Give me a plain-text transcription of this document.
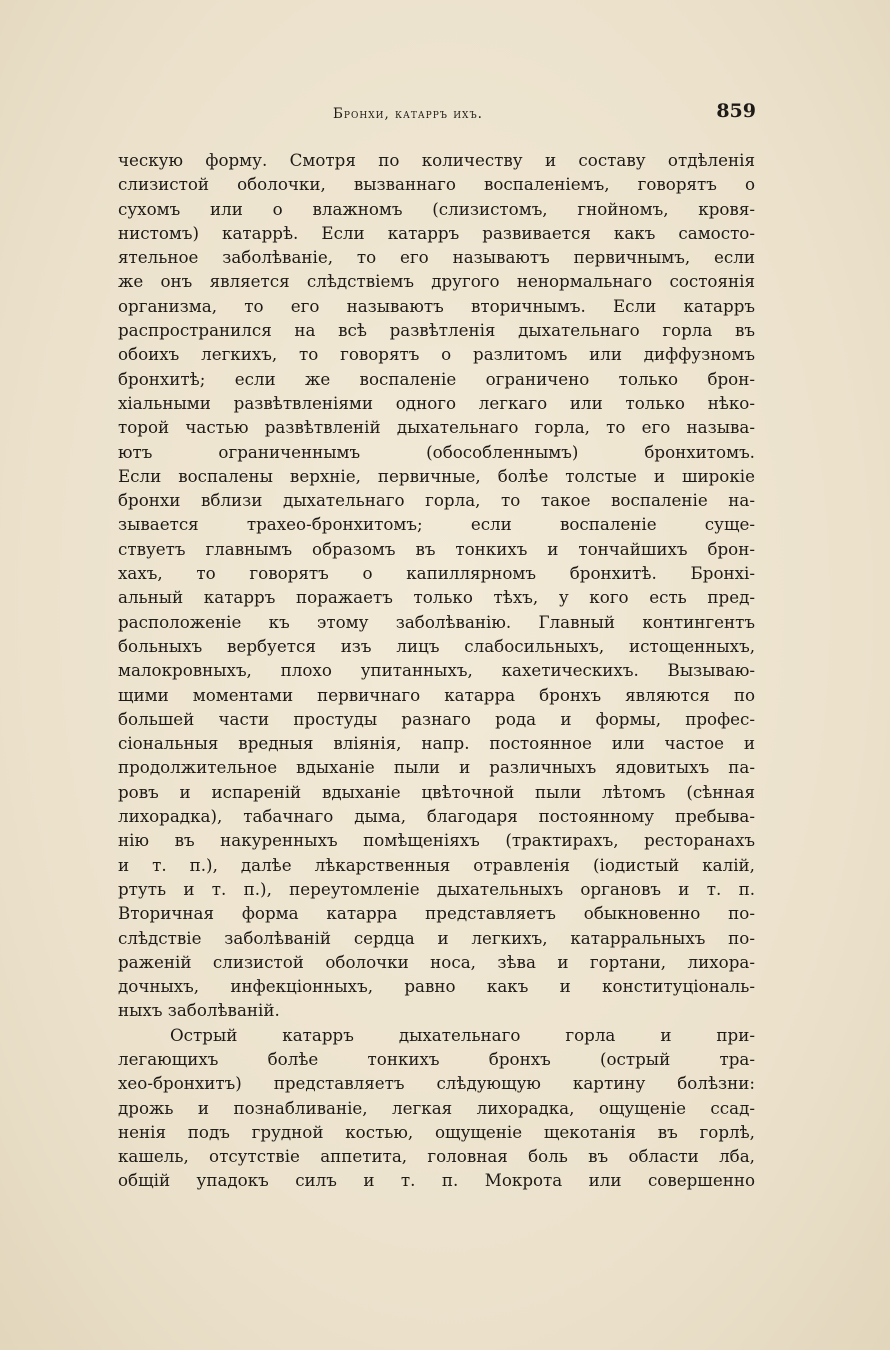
Бронхи, катарръ ихъ.	859
ческую форму. Смотря по количеству и составу отдѣленія
слизистой оболочки, вызваннаго воспаленіемъ, говорятъ о
сухомъ или о влажномъ (слизистомъ, гнойномъ, кровя-
нистомъ) катаррѣ. Если катарръ развивается какъ самосто-
ятельное заболѣваніе, то его называютъ первичнымъ, если
же онъ является слѣдствіемъ другого ненормальнаго состоянія
организма, то его называютъ вторичнымъ. Если катарръ
распространился на всѣ развѣтленія дыхательнаго горла въ
обоихъ легкихъ, то говорятъ о разлитомъ или диффузномъ
бронхитѣ; если же воспаленіе ограничено только брон-
хіальными развѣтвленіями одного легкаго или только нѣко-
торой частью развѣтвленій дыхательнаго горла, то его называ-
ютъ ограниченнымъ (обособленнымъ) бронхитомъ.
Если воспалены верхніе, первичные, болѣе толстые и широкіе
бронхи вблизи дыхательнаго горла, то такое воспаленіе на-
зывается трахео-бронхитомъ; если воспаленіе суще-
ствуетъ главнымъ образомъ въ тонкихъ и тончайшихъ брон-
хахъ, то говорятъ о капиллярномъ бронхитѣ. Бронхі-
альный катарръ поражаетъ только тѣхъ, у кого есть пред-
расположеніе къ этому заболѣванію. Главный контингентъ
больныхъ вербуется изъ лицъ слабосильныхъ, истощенныхъ,
малокровныхъ, плохо упитанныхъ, кахетическихъ. Вызываю-
щими моментами первичнаго катарра бронхъ являются по
большей части простуды разнаго рода и формы, профес-
сіональныя вредныя вліянія, напр. постоянное или частое и
продолжительное вдыханіе пыли и различныхъ ядовитыхъ па-
ровъ и испареній вдыханіе цвѣточной пыли лѣтомъ (сѣнная
лихорадка), табачнаго дыма, благодаря постоянному пребыва-
нію въ накуренныхъ помѣщеніяхъ (трактирахъ, ресторанахъ
и т. п.), далѣе лѣкарственныя отравленія (іодистый калій,
ртуть и т. п.), переутомленіе дыхательныхъ органовъ и т. п.
Вторичная форма катарра представляетъ обыкновенно по-
слѣдствіе заболѣваній сердца и легкихъ, катарральныхъ по-
раженій слизистой оболочки носа, зѣва и гортани, лихора-
дочныхъ, инфекціонныхъ, равно какъ и конституціональ-
ныхъ заболѣваній.
Острый катарръ дыхательнаго горла и при-
легающихъ болѣе тонкихъ бронхъ (острый тра-
хео-бронхитъ) представляетъ слѣдующую картину болѣзни:
дрожь и познабливаніе, легкая лихорадка, ощущеніе ссад-
ненія подъ грудной костью, ощущеніе щекотанія въ горлѣ,
кашель, отсутствіе аппетита, головная боль въ области лба,
общій упадокъ силъ и т. п. Мокрота или совершенно
